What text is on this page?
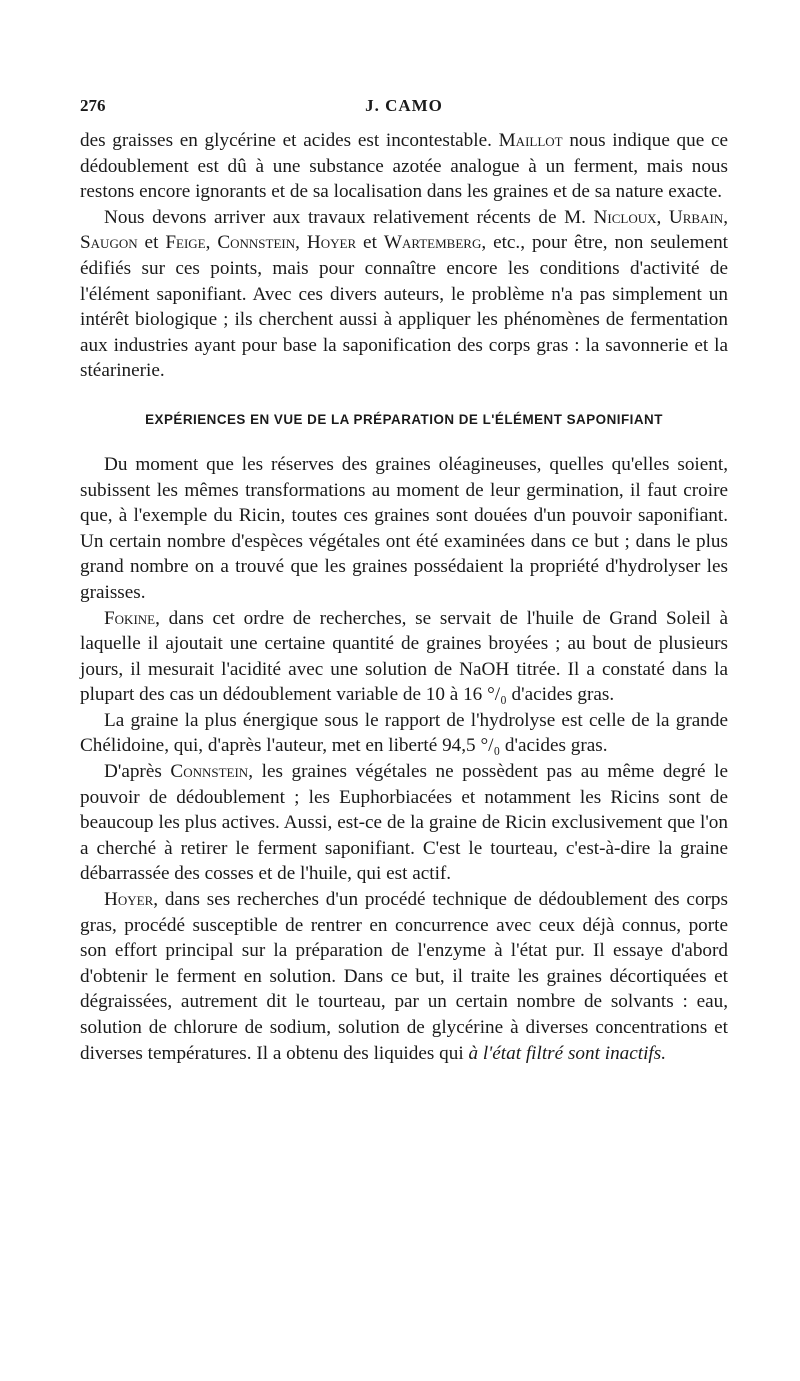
276	J. CAMO

des graisses en glycérine et acides est incontestable. Maillot nous indique que ce dédoublement est dû à une substance azotée analogue à un ferment, mais nous restons encore ignorants et de sa localisation dans les graines et de sa nature exacte.

Nous devons arriver aux travaux relativement récents de M. Nicloux, Urbain, Saugon et Feige, Connstein, Hoyer et Wartemberg, etc., pour être, non seulement édifiés sur ces points, mais pour connaître encore les conditions d'activité de l'élément saponifiant. Avec ces divers auteurs, le problème n'a pas simplement un intérêt biologique ; ils cherchent aussi à appliquer les phénomènes de fermentation aux industries ayant pour base la saponification des corps gras : la savonnerie et la stéarinerie.

EXPÉRIENCES EN VUE DE LA PRÉPARATION DE L'ÉLÉMENT SAPONIFIANT

Du moment que les réserves des graines oléagineuses, quelles qu'elles soient, subissent les mêmes transformations au moment de leur germination, il faut croire que, à l'exemple du Ricin, toutes ces graines sont douées d'un pouvoir saponifiant. Un certain nombre d'espèces végétales ont été examinées dans ce but ; dans le plus grand nombre on a trouvé que les graines possédaient la propriété d'hydrolyser les graisses.

Fokine, dans cet ordre de recherches, se servait de l'huile de Grand Soleil à laquelle il ajoutait une certaine quantité de graines broyées ; au bout de plusieurs jours, il mesurait l'acidité avec une solution de NaOH titrée. Il a constaté dans la plupart des cas un dédoublement variable de 10 à 16 °/₀ d'acides gras.

La graine la plus énergique sous le rapport de l'hydrolyse est celle de la grande Chélidoine, qui, d'après l'auteur, met en liberté 94,5 °/₀ d'acides gras.

D'après Connstein, les graines végétales ne possèdent pas au même degré le pouvoir de dédoublement ; les Euphorbiacées et notamment les Ricins sont de beaucoup les plus actives. Aussi, est-ce de la graine de Ricin exclusivement que l'on a cherché à retirer le ferment saponifiant. C'est le tourteau, c'est-à-dire la graine débarrassée des cosses et de l'huile, qui est actif.

Hoyer, dans ses recherches d'un procédé technique de dédoublement des corps gras, procédé susceptible de rentrer en concurrence avec ceux déjà connus, porte son effort principal sur la préparation de l'enzyme à l'état pur. Il essaye d'abord d'obtenir le ferment en solution. Dans ce but, il traite les graines décortiquées et dégraissées, autrement dit le tourteau, par un certain nombre de solvants : eau, solution de chlorure de sodium, solution de glycérine à diverses concentrations et diverses températures. Il a obtenu des liquides qui à l'état filtré sont inactifs.
